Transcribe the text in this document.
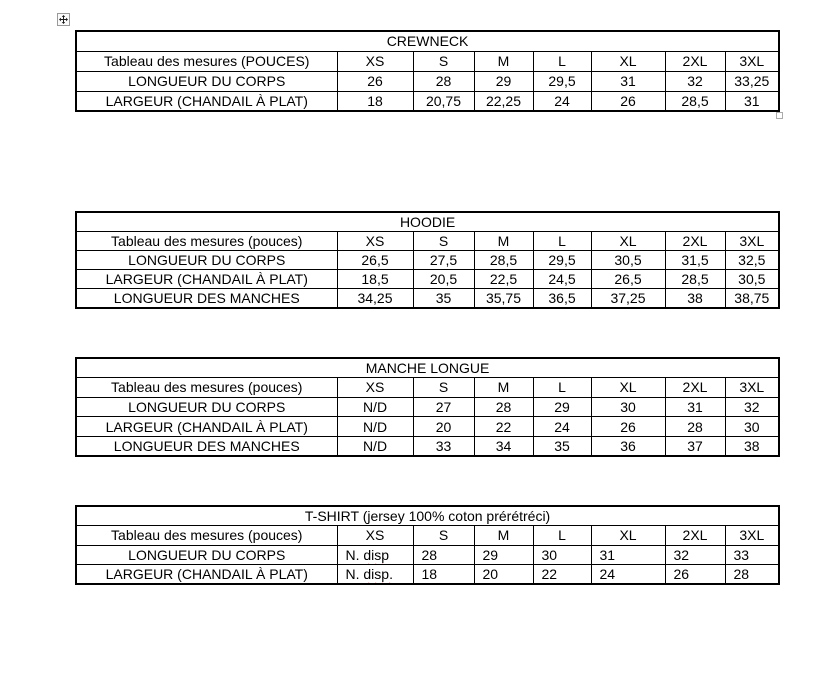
CREWNECK							
Tableau des mesures (POUCES)	XS	S	M	L	XL	2XL	3XL
LONGUEUR DU CORPS	26	28	29	29,5	31	32	33,25
LARGEUR (CHANDAIL À PLAT)	18	20,75	22,25	24	26	28,5	31
HOODIE							
Tableau des mesures (pouces)	XS	S	M	L	XL	2XL	3XL
LONGUEUR DU CORPS	26,5	27,5	28,5	29,5	30,5	31,5	32,5
LARGEUR (CHANDAIL À PLAT)	18,5	20,5	22,5	24,5	26,5	28,5	30,5
LONGUEUR DES MANCHES	34,25	35	35,75	36,5	37,25	38	38,75
MANCHE LONGUE							
Tableau des mesures (pouces)	XS	S	M	L	XL	2XL	3XL
LONGUEUR DU CORPS	N/D	27	28	29	30	31	32
LARGEUR (CHANDAIL À PLAT)	N/D	20	22	24	26	28	30
LONGUEUR DES MANCHES	N/D	33	34	35	36	37	38
T-SHIRT (jersey 100% coton prérétréci)							
Tableau des mesures (pouces)	XS	S	M	L	XL	2XL	3XL
LONGUEUR DU CORPS	N. disp	28	29	30	31	32	33
LARGEUR (CHANDAIL À PLAT)	N. disp.	18	20	22	24	26	28
